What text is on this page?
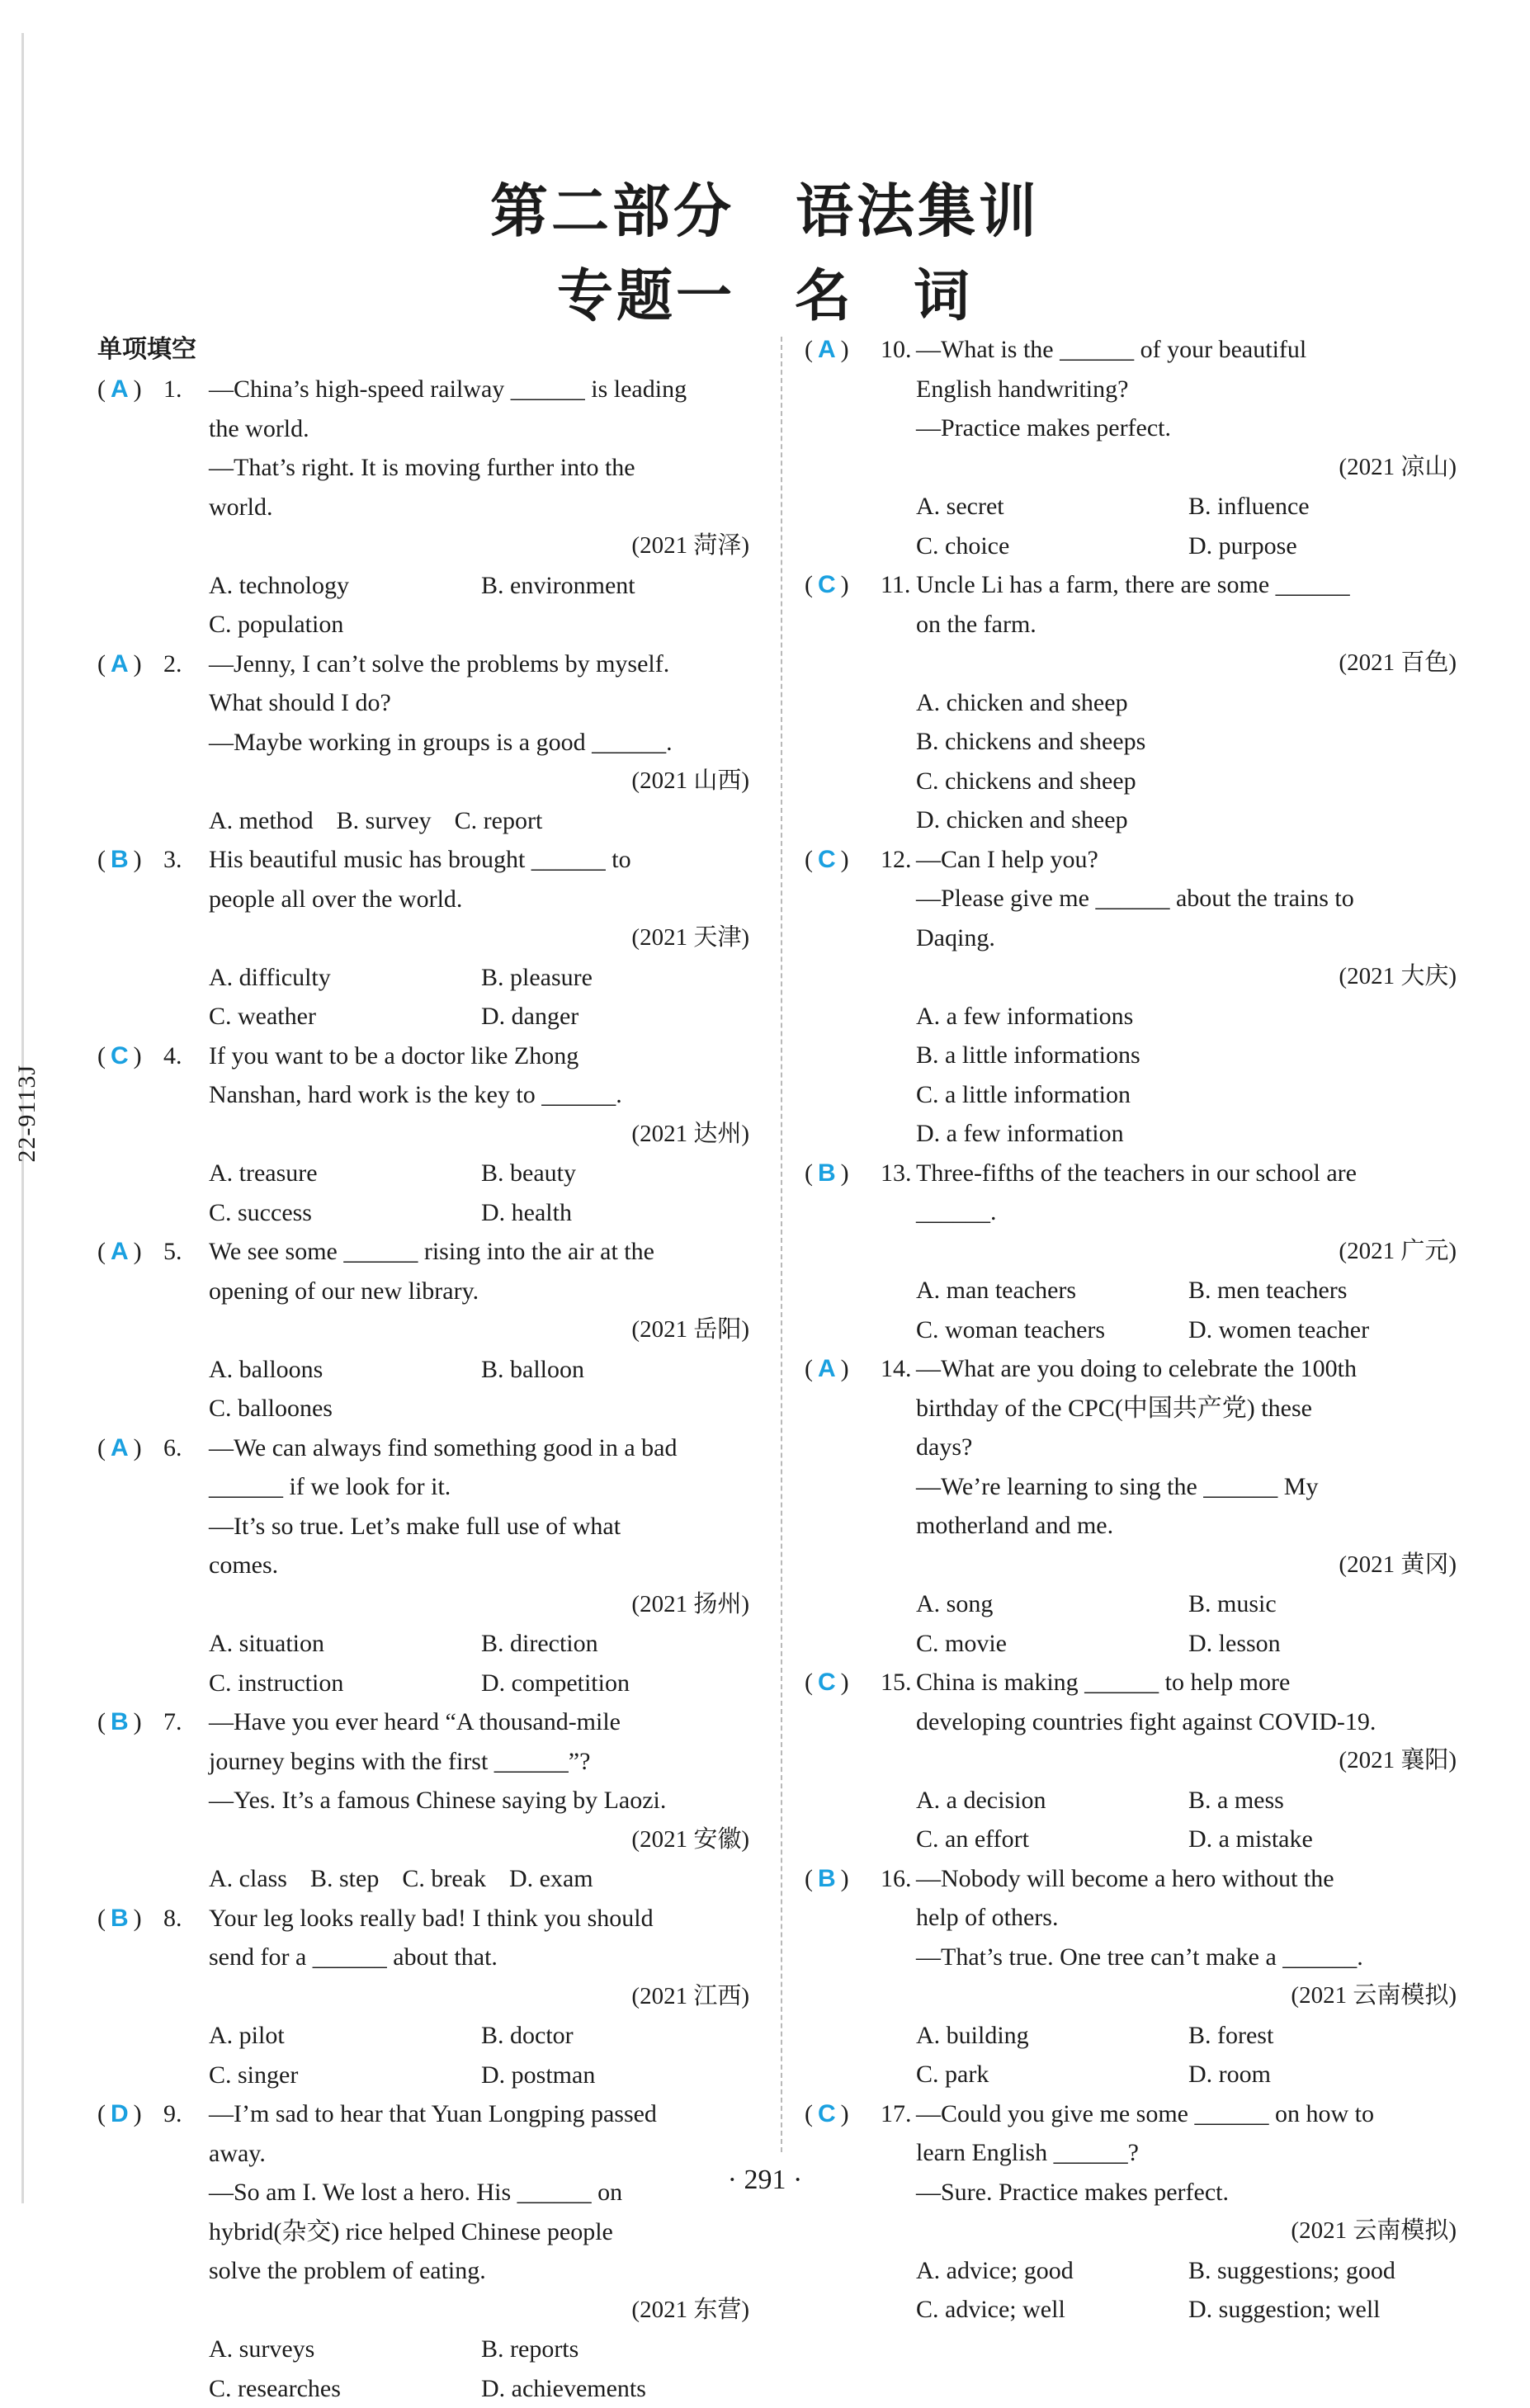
22-9113J
第二部分　语法集训
专题一　名　词
单项填空
( A ) 1. —China’s high-speed railway ______ is leading
the world.
—That’s right. It is moving further into the
world.
(2021 菏泽)
A. technology	B. environment
C. population
( A ) 2. —Jenny, I can’t solve the problems by myself.
What should I do?
—Maybe working in groups is a good ______.
(2021 山西)
A. method B. survey C. report
( B ) 3. His beautiful music has brought ______ to
people all over the world.
(2021 天津)
A. difficulty	B. pleasure
C. weather	D. danger
( C ) 4. If you want to be a doctor like Zhong
Nanshan, hard work is the key to ______.
(2021 达州)
A. treasure	B. beauty
C. success	D. health
( A ) 5. We see some ______ rising into the air at the
opening of our new library.
(2021 岳阳)
A. balloons	B. balloon
C. balloones
( A ) 6. —We can always find something good in a bad
______ if we look for it.
—It’s so true. Let’s make full use of what
comes.
(2021 扬州)
A. situation	B. direction
C. instruction	D. competition
( B ) 7. —Have you ever heard “A thousand-mile
journey begins with the first ______”?
—Yes. It’s a famous Chinese saying by Laozi.
(2021 安徽)
A. class B. step C. break D. exam
( B ) 8. Your leg looks really bad! I think you should
send for a ______ about that.
(2021 江西)
A. pilot	B. doctor
C. singer	D. postman
( D ) 9. —I’m sad to hear that Yuan Longping passed
away.
—So am I. We lost a hero. His ______ on
hybrid(杂交) rice helped Chinese people
solve the problem of eating.
(2021 东营)
A. surveys	B. reports
C. researches	D. achievements
( A ) 10. —What is the ______ of your beautiful
English handwriting?
—Practice makes perfect.
(2021 凉山)
A. secret	B. influence
C. choice	D. purpose
( C ) 11. Uncle Li has a farm, there are some ______
on the farm.
(2021 百色)
A. chicken and sheep
B. chickens and sheeps
C. chickens and sheep
D. chicken and sheep
( C ) 12. —Can I help you?
—Please give me ______ about the trains to
Daqing.
(2021 大庆)
A. a few informations
B. a little informations
C. a little information
D. a few information
( B ) 13. Three-fifths of the teachers in our school are
______.
(2021 广元)
A. man teachers	B. men teachers
C. woman teachers	D. women teacher
( A ) 14. —What are you doing to celebrate the 100th
birthday of the CPC(中国共产党) these
days?
—We’re learning to sing the ______ My
motherland and me.
(2021 黄冈)
A. song	B. music
C. movie	D. lesson
( C ) 15. China is making ______ to help more
developing countries fight against COVID-19.
(2021 襄阳)
A. a decision	B. a mess
C. an effort	D. a mistake
( B ) 16. —Nobody will become a hero without the
help of others.
—That’s true. One tree can’t make a ______.
(2021 云南模拟)
A. building	B. forest
C. park	D. room
( C ) 17. —Could you give me some ______ on how to
learn English ______?
—Sure. Practice makes perfect.
(2021 云南模拟)
A. advice; good	B. suggestions; good
C. advice; well	D. suggestion; well
· 291 ·
